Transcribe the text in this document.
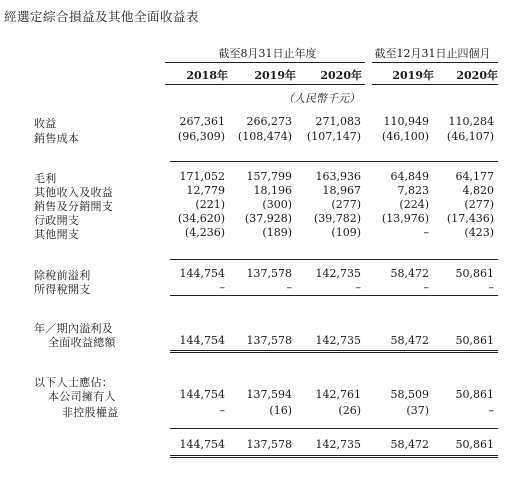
經選定綜合損益及其他全面收益表
截至8月31日止年度	截至12月31日止四個月
2018年	2019年	2020年	2019年	2020年
（人民幣千元）
收益	267,361	266,273	271,083	110,949	110,284
銷售成本	(96,309)	(108,474)	(107,147)	(46,100)	(46,107)
毛利	171,052	157,799	163,936	64,849	64,177
其他收入及收益	12,779	18,196	18,967	7,823	4,820
銷售及分銷開支	(221)	(300)	(277)	(224)	(277)
行政開支	(34,620)	(37,928)	(39,782)	(13,976)	(17,436)
其他開支	(4,236)	(189)	(109)	–	(423)
除稅前溢利	144,754	137,578	142,735	58,472	50,861
所得稅開支	–	–	–	–	–
年／期內溢利及
全面收益總額	144,754	137,578	142,735	58,472	50,861
以下人士應佔：
本公司擁有人	144,754	137,594	142,761	58,509	50,861
非控股權益	–	(16)	(26)	(37)	–
144,754	137,578	142,735	58,472	50,861
